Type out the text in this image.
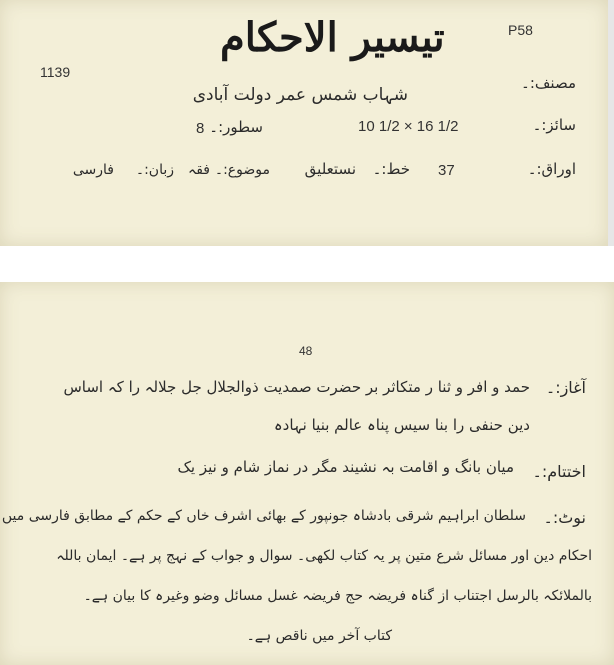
P58
1139
تیسیر الاحکام
مصنف:۔
شہاب شمس عمر دولت آبادی
سائز:۔
10 1/2 × 16 1/2
سطور:۔
8
اوراق:۔
37
خط:۔
نستعلیق
موضوع:۔
فقہ
زبان:۔
فارسی
48
آغاز:۔
حمد و افر و ثنا ر متکاثر بر حضرت صمدیت ذوالجلال جل جلالہ را کہ اساس
دین حنفی را بنا سیس پناہ عالم بنیا نہادہ
اختتام:۔
میان بانگ و اقامت بہ نشیند مگر در نماز شام و نیز یک
نوٹ:۔
سلطان ابراہیم شرقی بادشاہ جونپور کے بھائی اشرف خاں کے حکم کے مطابق فارسی میں
احکام دین اور مسائل شرع متین پر یہ کتاب لکھی۔ سوال و جواب کے نہج پر ہے۔ ایمان باللہ
بالملائکہ بالرسل اجتناب از گناہ فریضہ حج فریضہ غسل مسائل وضو وغیرہ کا بیان ہے۔
کتاب آخر میں ناقص ہے۔
